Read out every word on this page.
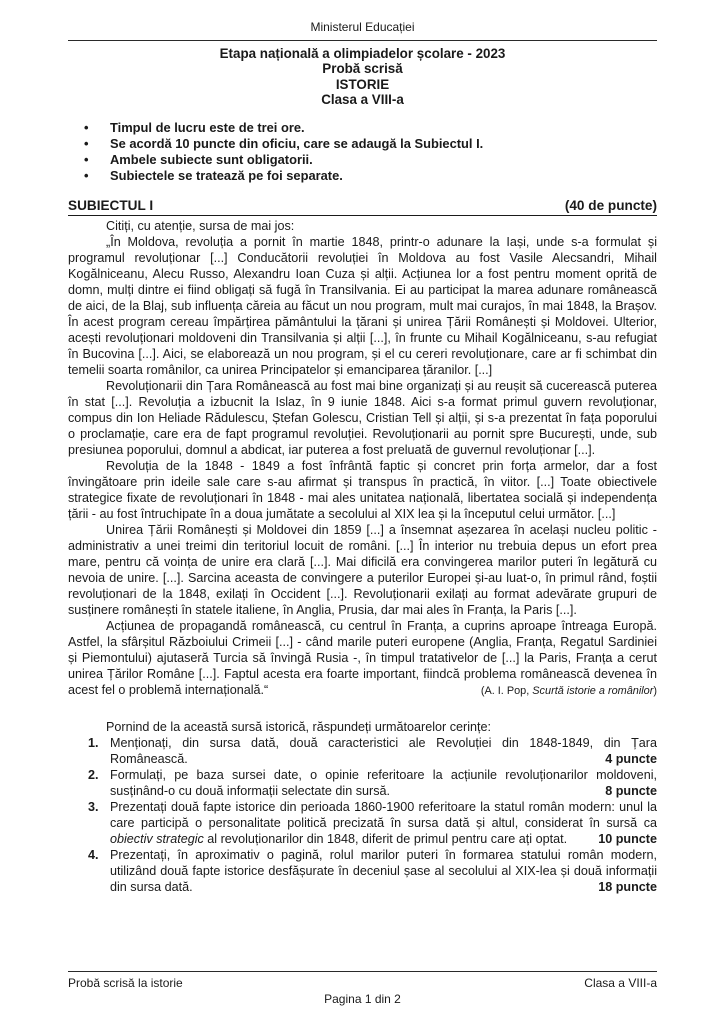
Ministerul Educației
Etapa națională a olimpiadelor școlare - 2023
Probă scrisă
ISTORIE
Clasa a VIII-a
•	Timpul de lucru este de trei ore.
•	Se acordă 10 puncte din oficiu, care se adaugă la Subiectul I.
•	Ambele subiecte sunt obligatorii.
•	Subiectele se tratează pe foi separate.
SUBIECTUL I	(40 de puncte)

Citiți, cu atenție, sursa de mai jos:

„În Moldova, revoluția a pornit în martie 1848, printr-o adunare la Iași, unde s-a formulat și programul revoluționar [...] Conducătorii revoluției în Moldova au fost Vasile Alecsandri, Mihail Kogălniceanu, Alecu Russo, Alexandru Ioan Cuza și alții. Acțiunea lor a fost pentru moment oprită de domn, mulți dintre ei fiind obligați să fugă în Transilvania. Ei au participat la marea adunare românească de aici, de la Blaj, sub influența căreia au făcut un nou program, mult mai curajos, în mai 1848, la Brașov. În acest program cereau împărțirea pământului la țărani și unirea Țării Românești și Moldovei. Ulterior, acești revoluționari moldoveni din Transilvania și alții [...], în frunte cu Mihail Kogălniceanu, s-au refugiat în Bucovina [...]. Aici, se elaborează un nou program, și el cu cereri revoluționare, care ar fi schimbat din temelii soarta românilor, ca unirea Principatelor și emanciparea țăranilor. [...]

Revoluționarii din Țara Românească au fost mai bine organizați și au reușit să cucerească puterea în stat [...]. Revoluția a izbucnit la Islaz, în 9 iunie 1848. Aici s-a format primul guvern revoluționar, compus din Ion Heliade Rădulescu, Ștefan Golescu, Cristian Tell și alții, și s-a prezentat în fața poporului o proclamație, care era de fapt programul revoluției. Revoluționarii au pornit spre București, unde, sub presiunea poporului, domnul a abdicat, iar puterea a fost preluată de guvernul revoluționar [...].

Revoluția de la 1848 - 1849 a fost înfrântă faptic și concret prin forța armelor, dar a fost învingătoare prin ideile sale care s-au afirmat și transpus în practică, în viitor. [...] Toate obiectivele strategice fixate de revoluționari în 1848 - mai ales unitatea națională, libertatea socială și independența țării - au fost întruchipate în a doua jumătate a secolului al XIX lea și la începutul celui următor. [...]

Unirea Țării Românești și Moldovei din 1859 [...] a însemnat așezarea în același nucleu politic - administrativ a unei treimi din teritoriul locuit de români. [...] În interior nu trebuia depus un efort prea mare, pentru că voința de unire era clară [...]. Mai dificilă era convingerea marilor puteri în legătură cu nevoia de unire. [...]. Sarcina aceasta de convingere a puterilor Europei și-au luat-o, în primul rând, foștii revoluționari de la 1848, exilați în Occident [...]. Revoluționarii exilați au format adevărate grupuri de susținere românești în statele italiene, în Anglia, Prusia, dar mai ales în Franța, la Paris [...].

Acțiunea de propagandă românească, cu centrul în Franța, a cuprins aproape întreaga Europă. Astfel, la sfârșitul Războiului Crimeii [...] - când marile puteri europene (Anglia, Franța, Regatul Sardiniei și Piemontului) ajutaseră Turcia să învingă Rusia -, în timpul tratativelor de [...] la Paris, Franța a cerut unirea Țărilor Române [...]. Faptul acesta era foarte important, fiindcă problema românească devenea în acest fel o problemă internațională.“	(A. I. Pop, Scurtă istorie a românilor)

Pornind de la această sursă istorică, răspundeți următoarelor cerințe:

1. Menționați, din sursa dată, două caracteristici ale Revoluției din 1848-1849, din Țara Românească.	4 puncte
2. Formulați, pe baza sursei date, o opinie referitoare la acțiunile revoluționarilor moldoveni, susținând-o cu două informații selectate din sursă.	8 puncte
3. Prezentați două fapte istorice din perioada 1860-1900 referitoare la statul român modern: unul la care participă o personalitate politică precizată în sursa dată și altul, considerat în sursă ca obiectiv strategic al revoluționarilor din 1848, diferit de primul pentru care ați optat.	10 puncte
4. Prezentați, în aproximativ o pagină, rolul marilor puteri în formarea statului român modern, utilizând două fapte istorice desfășurate în deceniul șase al secolului al XIX-lea și două informații din sursa dată.	18 puncte
Probă scrisă la istorie	Clasa a VIII-a
Pagina 1 din 2
